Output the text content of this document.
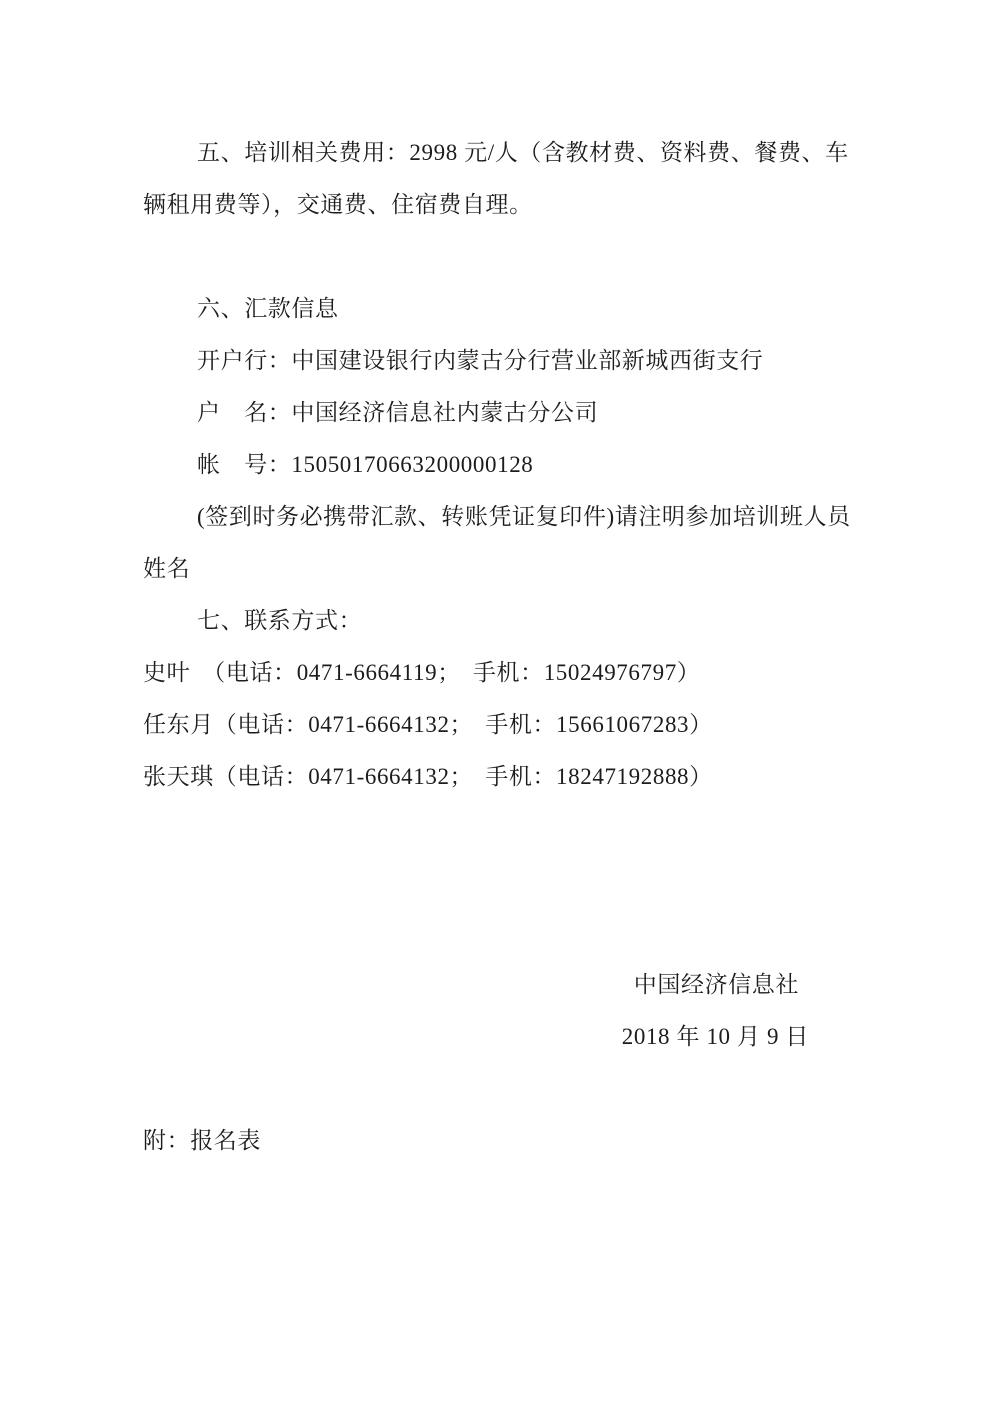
五、培训相关费用：2998 元/人（含教材费、资料费、餐费、车
辆租用费等），交通费、住宿费自理。
六、汇款信息
开户行：中国建设银行内蒙古分行营业部新城西街支行
户　名：中国经济信息社内蒙古分公司
帐　号：15050170663200000128
(签到时务必携带汇款、转账凭证复印件)请注明参加培训班人员
姓名
七、联系方式：
史叶　（电话：0471-6664119；　手机：15024976797）
任东月（电话：0471-6664132；　手机：15661067283）
张天琪（电话：0471-6664132；　手机：18247192888）
中国经济信息社
2018 年 10 月 9 日
附：报名表
